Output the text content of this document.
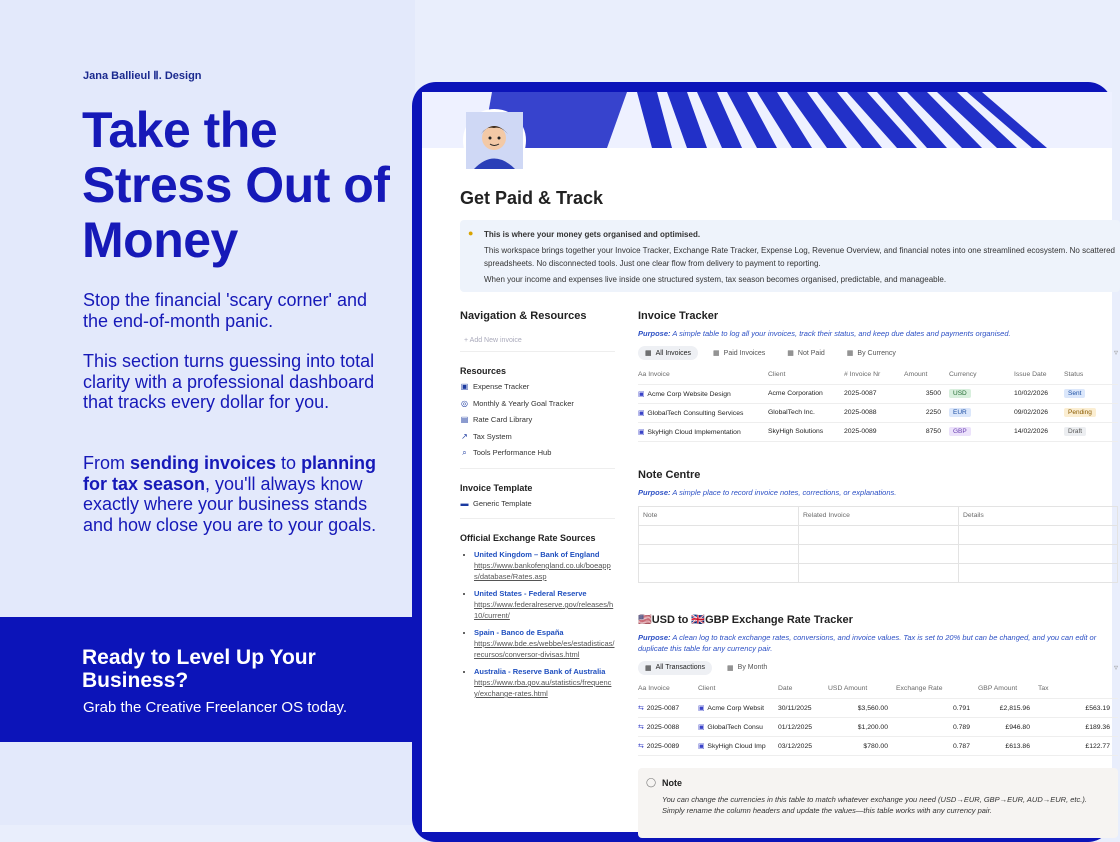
Jana Ballieul Ⅱ. Design
Take the Stress Out of Money
Stop the financial 'scary corner' and the end-of-month panic.
This section turns guessing into total clarity with a professional dashboard that tracks every dollar for you.
From sending invoices to planning for tax season, you'll always know exactly where your business stands and how close you are to your goals.
Ready to Level Up Your Business?
Grab the Creative Freelancer OS today.
Get Paid & Track
● This is where your money gets organised and optimised.
This workspace brings together your Invoice Tracker, Exchange Rate Tracker, Expense Log, Revenue Overview, and financial notes into one streamlined ecosystem. No scattered spreadsheets. No disconnected tools. Just one clear flow from delivery to payment to reporting.
When your income and expenses live inside one structured system, tax season becomes organised, predictable, and manageable.
Navigation & Resources
+ Add New invoice
Resources
▣ Expense Tracker
◎ Monthly & Yearly Goal Tracker
▤ Rate Card Library
↗ Tax System
⌕ Tools Performance Hub
Invoice Template
▬ Generic Template
Official Exchange Rate Sources
• United Kingdom – Bank of England
https://www.bankofengland.co.uk/boeapps/database/Rates.asp
• United States - Federal Reserve
https://www.federalreserve.gov/releases/h10/current/
• Spain - Banco de España
https://www.bde.es/webbe/es/estadisticas/recursos/conversor-divisas.html
• Australia - Reserve Bank of Australia
https://www.rba.gov.au/statistics/frequency/exchange-rates.html
Invoice Tracker
Purpose: A simple table to log all your invoices, track their status, and keep due dates and payments organised.
▦ All Invoices	▦ Paid Invoices	▦ Not Paid	▦ By Currency	▿
Aa Invoice	Client	# Invoice Nr	Amount	Currency	Issue Date	Status
▣ Acme Corp Website Design	Acme Corporation	2025-0087	3500	USD	10/02/2026	Sent
▣ GlobalTech Consulting Services	GlobalTech Inc.	2025-0088	2250	EUR	09/02/2026	Pending
▣ SkyHigh Cloud Implementation	SkyHigh Solutions	2025-0089	8750	GBP	14/02/2026	Draft
Note Centre
Purpose: A simple place to record invoice notes, corrections, or explanations.
Note	Related Invoice	Details

🇺🇸USD to 🇬🇧GBP Exchange Rate Tracker
Purpose: A clean log to track exchange rates, conversions, and invoice values. Tax is set to 20% but can be changed, and you can edit or duplicate this table for any currency pair.
▦ All Transactions	▦ By Month	▿
Aa Invoice	Client	Date	USD Amount	Exchange Rate	GBP Amount	Tax
⇆ 2025-0087	▣ Acme Corp Websit	30/11/2025	$3,560.00	0.791	£2,815.96	£563.19
⇆ 2025-0088	▣ GlobalTech Consu	01/12/2025	$1,200.00	0.789	£946.80	£189.36
⇆ 2025-0089	▣ SkyHigh Cloud Imp	03/12/2025	$780.00	0.787	£613.86	£122.77
◯ Note
You can change the currencies in this table to match whatever exchange you need (USD→EUR, GBP→EUR, AUD→EUR, etc.). Simply rename the column headers and update the values—this table works with any currency pair.
